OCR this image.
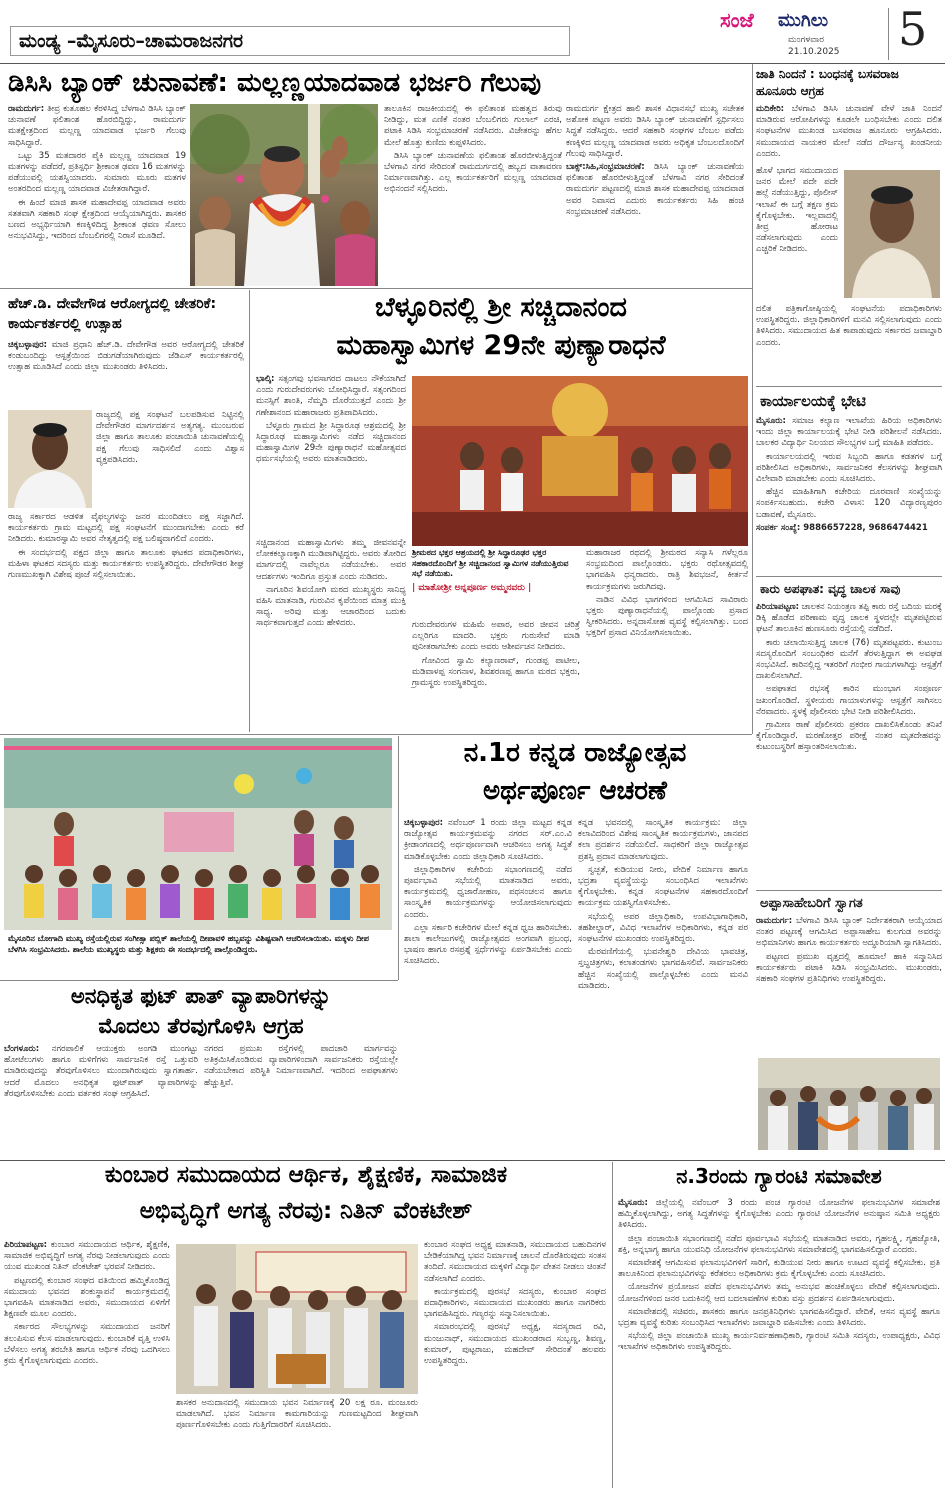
ಮಂಡ್ಯ –ಮೈಸೂರು–ಚಾಮರಾಜನಗರ
ಸಂಜೆ ಮುಗಿಲು
ಮಂಗಳವಾರ
21.10.2025 5
ಡಿಸಿಸಿ ಬ್ಯಾಂಕ್ ಚುನಾವಣೆ: ಮಲ್ಲಣ್ಣಯಾದವಾಡ ಭರ್ಜರಿ ಗೆಲುವು

ರಾಮದುರ್ಗ: ತೀವ್ರ ಕುತೂಹಲ ಕೆರಳಿಸಿದ್ದ ಬೆಳಗಾವಿ ಡಿಸಿಸಿ ಬ್ಯಾಂಕ್ ಚುನಾವಣೆ ಫಲಿತಾಂಶ ಹೊರಬಿದ್ದಿದ್ದು, ರಾಮದುರ್ಗ ಮತಕ್ಷೇತ್ರದಿಂದ ಮಲ್ಲಣ್ಣ ಯಾದವಾಡ ಭರ್ಜರಿ ಗೆಲುವು ಸಾಧಿಸಿದ್ದಾರೆ.

ಒಟ್ಟು 35 ಮತದಾರರ ಪೈಕಿ ಮಲ್ಲಣ್ಣ ಯಾದವಾಡ 19 ಮತಗಳನ್ನು ಪಡೆದರೆ, ಪ್ರತಿಸ್ಪರ್ಧಿ ಶ್ರೀಕಾಂತ ಢವಣ 16 ಮತಗಳನ್ನು ಪಡೆಯುವಲ್ಲಿ ಯಶಸ್ವಿಯಾದರು. ಸುಮಾರು ಮೂರು ಮತಗಳ ಅಂತರದಿಂದ ಮಲ್ಲಣ್ಣ ಯಾದವಾಡ ವಿಜೇತರಾಗಿದ್ದಾರೆ.

ಈ ಹಿಂದೆ ಮಾಜಿ ಶಾಸಕ ಮಹಾದೇವಪ್ಪ ಯಾದವಾಡ ಅವರು ಸತತವಾಗಿ ಸಹಕಾರಿ ಸಂಘ ಕ್ಷೇತ್ರದಿಂದ ಆಯ್ಕೆಯಾಗಿದ್ದರು. ಶಾಸಕರ ಬಣದ ಅಭ್ಯರ್ಥಿಯಾಗಿ ಕಣಕ್ಕಿಳಿದಿದ್ದ ಶ್ರೀಕಾಂತ ಢವಣ ಸೋಲು ಅನುಭವಿಸಿದ್ದು, ಇದರಿಂದ ಬೆಂಬಲಿಗರಲ್ಲಿ ನಿರಾಸೆ ಮೂಡಿದೆ.

ತಾಲೂಕಿನ ರಾಜಕೀಯದಲ್ಲಿ ಈ ಫಲಿತಾಂಶ ಮಹತ್ವದ ತಿರುವು ನೀಡಿದ್ದು, ಮತ ಎಣಿಕೆ ನಂತರ ಬೆಂಬಲಿಗರು ಗುಲಾಲ್ ಎರಚಿ, ಪಟಾಕಿ ಸಿಡಿಸಿ ಸಂಭ್ರಮಾಚರಣೆ ನಡೆಸಿದರು. ವಿಜೇತರನ್ನು ಹೆಗಲ ಮೇಲೆ ಹೊತ್ತು ಕುಣಿದು ಕುಪ್ಪಳಿಸಿದರು.

ಡಿಸಿಸಿ ಬ್ಯಾಂಕ್ ಚುನಾವಣೆಯ ಫಲಿತಾಂಶ ಹೊರಬೀಳುತ್ತಿದ್ದಂತೆ ಬೆಳಗಾವಿ ನಗರ ಸೇರಿದಂತೆ ರಾಮದುರ್ಗದಲ್ಲಿ ಹಬ್ಬದ ವಾತಾವರಣ ನಿರ್ಮಾಣವಾಗಿತ್ತು. ಎಲ್ಲ ಕಾರ್ಯಕರ್ತರಿಗೆ ಮಲ್ಲಣ್ಣ ಯಾದವಾಡ ಅಭಿನಂದನೆ ಸಲ್ಲಿಸಿದರು.

ರಾಮದುರ್ಗ ಕ್ಷೇತ್ರದ ಹಾಲಿ ಶಾಸಕ ವಿಧಾನಸಭೆ ಮುಖ್ಯ ಸಚೇತಕ ಅಶೋಕ ಪಟ್ಟಣ ಅವರು ಡಿಸಿಸಿ ಬ್ಯಾಂಕ್ ಚುನಾವಣೆಗೆ ಸ್ಪರ್ಧಿಸಲು ಸಿದ್ಧತೆ ನಡೆಸಿದ್ದರು. ಆದರೆ ಸಹಕಾರಿ ಸಂಘಗಳ ಬೆಂಬಲ ಪಡೆದು ಕಣಕ್ಕಿಳಿದ ಮಲ್ಲಣ್ಣ ಯಾದವಾಡ ಅವರು ಅಧಿಕೃತ ಬೆಂಬಲದೊಂದಿಗೆ ಗೆಲುವು ಸಾಧಿಸಿದ್ದಾರೆ.

ಬಾಕ್ಸ್:ಸಿಹಿ,ಸಂಭ್ರಮಾಚರಣೆ: ಡಿಸಿಸಿ ಬ್ಯಾಂಕ್ ಚುನಾವಣೆಯ ಫಲಿತಾಂಶ ಹೊರಬೀಳುತ್ತಿದ್ದಂತೆ ಬೆಳಗಾವಿ ನಗರ ಸೇರಿದಂತೆ ರಾಮದುರ್ಗ ಪಟ್ಟಣದಲ್ಲಿ ಮಾಜಿ ಶಾಸಕ ಮಹಾದೇವಪ್ಪ ಯಾದವಾಡ ಅವರ ನಿವಾಸದ ಎದುರು ಕಾರ್ಯಕರ್ತರು ಸಿಹಿ ಹಂಚಿ ಸಂಭ್ರಮಾಚರಣೆ ನಡೆಸಿದರು.

ಜಾತಿ ನಿಂದನೆ : ಬಂಧನಕ್ಕೆ ಬಸವರಾಜ ಹೂನೂರು ಆಗ್ರಹ

ಮದಿಕೇರಿ: ಬೆಳಗಾವಿ ಡಿಸಿಸಿ ಚುನಾವಣೆ ವೇಳೆ ಜಾತಿ ನಿಂದನೆ ಮಾಡಿರುವ ಆರೋಪಿಗಳನ್ನು ಕೂಡಲೇ ಬಂಧಿಸಬೇಕು ಎಂದು ದಲಿತ ಸಂಘಟನೆಗಳ ಮುಖಂಡ ಬಸವರಾಜ ಹೂನೂರು ಆಗ್ರಹಿಸಿದರು. ಸಮುದಾಯದ ನಾಯಕರ ಮೇಲೆ ನಡೆದ ದೌರ್ಜನ್ಯ ಖಂಡನೀಯ ಎಂದರು.

ಹೊಳೆ ಭಾಗದ ಸಮುದಾಯದ ಜನರ ಮೇಲೆ ಪದೇ ಪದೇ ಹಲ್ಲೆ ನಡೆಯುತ್ತಿದ್ದು, ಪೊಲೀಸ್ ಇಲಾಖೆ ಈ ಬಗ್ಗೆ ತಕ್ಷಣ ಕ್ರಮ ಕೈಗೊಳ್ಳಬೇಕು. ಇಲ್ಲವಾದಲ್ಲಿ ತೀವ್ರ ಹೋರಾಟ ನಡೆಸಲಾಗುವುದು ಎಂದು ಎಚ್ಚರಿಕೆ ನೀಡಿದರು.

ದಲಿತ ಪತ್ರಿಕಾಗೋಷ್ಠಿಯಲ್ಲಿ ಸಂಘಟನೆಯ ಪದಾಧಿಕಾರಿಗಳು ಉಪಸ್ಥಿತರಿದ್ದರು. ಜಿಲ್ಲಾಧಿಕಾರಿಗಳಿಗೆ ಮನವಿ ಸಲ್ಲಿಸಲಾಗುವುದು ಎಂದು ತಿಳಿಸಿದರು. ಸಮುದಾಯದ ಹಿತ ಕಾಪಾಡುವುದು ಸರ್ಕಾರದ ಜವಾಬ್ದಾರಿ ಎಂದರು.

ಹೆಚ್.ಡಿ. ದೇವೇಗೌಡ ಆರೋಗ್ಯದಲ್ಲಿ ಚೇತರಿಕೆ: ಕಾರ್ಯಕರ್ತರಲ್ಲಿ ಉತ್ಸಾಹ

ಚಿಕ್ಕಬಳ್ಳಾಪುರ: ಮಾಜಿ ಪ್ರಧಾನಿ ಹೆಚ್.ಡಿ. ದೇವೇಗೌಡ ಅವರ ಆರೋಗ್ಯದಲ್ಲಿ ಚೇತರಿಕೆ ಕಂಡುಬಂದಿದ್ದು ಆಸ್ಪತ್ರೆಯಿಂದ ಬಿಡುಗಡೆಯಾಗಿರುವುದು ಜೆಡಿಎಸ್ ಕಾರ್ಯಕರ್ತರಲ್ಲಿ ಉತ್ಸಾಹ ಮೂಡಿಸಿದೆ ಎಂದು ಜಿಲ್ಲಾ ಮುಖಂಡರು ತಿಳಿಸಿದರು.

ರಾಜ್ಯದಲ್ಲಿ ಪಕ್ಷ ಸಂಘಟನೆ ಬಲಪಡಿಸುವ ನಿಟ್ಟಿನಲ್ಲಿ ದೇವೇಗೌಡರ ಮಾರ್ಗದರ್ಶನ ಅತ್ಯಗತ್ಯ. ಮುಂಬರುವ ಜಿಲ್ಲಾ ಹಾಗೂ ತಾಲೂಕು ಪಂಚಾಯಿತಿ ಚುನಾವಣೆಯಲ್ಲಿ ಪಕ್ಷ ಗೆಲುವು ಸಾಧಿಸಲಿದೆ ಎಂದು ವಿಶ್ವಾಸ ವ್ಯಕ್ತಪಡಿಸಿದರು.

ರಾಜ್ಯ ಸರ್ಕಾರದ ಆಡಳಿತ ವೈಫಲ್ಯಗಳನ್ನು ಜನರ ಮುಂದಿಡಲು ಪಕ್ಷ ಸಜ್ಜಾಗಿದೆ. ಕಾರ್ಯಕರ್ತರು ಗ್ರಾಮ ಮಟ್ಟದಲ್ಲಿ ಪಕ್ಷ ಸಂಘಟನೆಗೆ ಮುಂದಾಗಬೇಕು ಎಂದು ಕರೆ ನೀಡಿದರು. ಕುಮಾರಸ್ವಾಮಿ ಅವರ ನೇತೃತ್ವದಲ್ಲಿ ಪಕ್ಷ ಬಲಿಷ್ಠವಾಗಲಿದೆ ಎಂದರು.

ಈ ಸಂದರ್ಭದಲ್ಲಿ ಪಕ್ಷದ ಜಿಲ್ಲಾ ಹಾಗೂ ತಾಲೂಕು ಘಟಕದ ಪದಾಧಿಕಾರಿಗಳು, ಮಹಿಳಾ ಘಟಕದ ಸದಸ್ಯರು ಮತ್ತು ಕಾರ್ಯಕರ್ತರು ಉಪಸ್ಥಿತರಿದ್ದರು. ದೇವೇಗೌಡರ ಶೀಘ್ರ ಗುಣಮುಖಕ್ಕಾಗಿ ವಿಶೇಷ ಪೂಜೆ ಸಲ್ಲಿಸಲಾಯಿತು.

ಬೆಳ್ಳೂರಿನಲ್ಲಿ ಶ್ರೀ ಸಚ್ಚಿದಾನಂದ
ಮಹಾಸ್ವಾಮಿಗಳ 29ನೇ ಪುಣ್ಯಾರಾಧನೆ

ಭಾಲ್ಕಿ: ಸತ್ಸಂಗವು ಭವಸಾಗರದ ದಾಟಲು ನೌಕೆಯಾಗಿದೆ ಎಂದು ಗುರುದೇವರುಗಳು ಬೋಧಿಸಿದ್ದಾರೆ. ಸತ್ಸಂಗದಿಂದ ಮನಸ್ಸಿಗೆ ಶಾಂತಿ, ನೆಮ್ಮದಿ ದೊರೆಯುತ್ತದೆ ಎಂದು ಶ್ರೀ ಗಣೇಶಾನಂದ ಮಹಾರಾಜರು ಪ್ರತಿಪಾದಿಸಿದರು.

ಬೆಳ್ಳೂರು ಗ್ರಾಮದ ಶ್ರೀ ಸಿದ್ಧಾರೂಢ ಆಶ್ರಮದಲ್ಲಿ ಶ್ರೀ ಸಿದ್ಧಾರೂಢ ಮಹಾಸ್ವಾಮಿಗಳು ನಡೆದ ಸಚ್ಚಿದಾನಂದ ಮಹಾಸ್ವಾಮಿಗಳ 29ನೇ ಪುಣ್ಯಾರಾಧನೆ ಮಹೋತ್ಸವದ ಧರ್ಮಸಭೆಯಲ್ಲಿ ಅವರು ಮಾತನಾಡಿದರು.

ಶ್ರೀಮಠದ ಭಕ್ತರ ಆಶ್ರಯದಲ್ಲಿ ಶ್ರೀ ಸಿದ್ಧಾರೂಢರ ಭಕ್ತರ ಸಹಕಾರದೊಂದಿಗೆ ಶ್ರೀ ಸಚ್ಚಿದಾನಂದ ಸ್ವಾಮಿಗಳ ನಡೆಯುತ್ತಿರುವ ಸಭೆ ನಡೆಯಿತು.
| ಮಾತೋಶ್ರೀ ಅನ್ನಪೂರ್ಣ ಅಮ್ಮನವರು |

ಸಚ್ಚಿದಾನಂದ ಮಹಾಸ್ವಾಮಿಗಳು ತಮ್ಮ ಜೀವನವನ್ನೇ ಲೋಕಕಲ್ಯಾಣಕ್ಕಾಗಿ ಮುಡಿಪಾಗಿಟ್ಟಿದ್ದರು. ಅವರು ತೋರಿದ ಮಾರ್ಗದಲ್ಲಿ ನಾವೆಲ್ಲರೂ ನಡೆಯಬೇಕು. ಅವರ ಆದರ್ಶಗಳು ಇಂದಿಗೂ ಪ್ರಸ್ತುತ ಎಂದು ನುಡಿದರು.

ನಾಗೂರಿನ ಶಿವಯೋಗಿ ಮಠದ ಮುಖ್ಯಸ್ಥರು ಸಾನಿಧ್ಯ ವಹಿಸಿ ಮಾತನಾಡಿ, ಗುರುವಿನ ಕೃಪೆಯಿಂದ ಮಾತ್ರ ಮುಕ್ತಿ ಸಾಧ್ಯ. ಅರಿವು ಮತ್ತು ಆಚಾರದಿಂದ ಬದುಕು ಸಾರ್ಥಕವಾಗುತ್ತದೆ ಎಂದು ಹೇಳಿದರು.	ಗುರುದೇವರುಗಳ ಮಹಿಮೆ ಅಪಾರ, ಅವರ ಜೀವನ ಚರಿತ್ರೆ ಎಲ್ಲರಿಗೂ ಮಾದರಿ. ಭಕ್ತರು ಗುರುಸೇವೆ ಮಾಡಿ ಪುನೀತರಾಗಬೇಕು ಎಂದು ಅವರು ಆಶೀರ್ವಚನ ನೀಡಿದರು.

ಗೋವಿಂದ ಸ್ವಾಮಿ ಕಲ್ಯಾಣರಾವ್, ಗುಂಡಪ್ಪ ಪಾಟೀಲ, ಮಡಿವಾಳಪ್ಪ ಸಂಗನಾಳ, ಶಿವಶರಣಪ್ಪ ಹಾಗೂ ಮಠದ ಭಕ್ತರು, ಗ್ರಾಮಸ್ಥರು ಉಪಸ್ಥಿತರಿದ್ದರು.

ಮಹಾರಾಜರ ರಥದಲ್ಲಿ ಶ್ರೀಮಠದ ಸನ್ಯಾಸಿ ಗಳೆಲ್ಲರೂ ಸಂಭ್ರಮದಿಂದ ಪಾಲ್ಗೊಂಡರು. ಭಕ್ತರು ರಥೋತ್ಸವದಲ್ಲಿ ಭಾಗವಹಿಸಿ ಧನ್ಯರಾದರು. ರಾತ್ರಿ ಶಿವಭಜನೆ, ಕೀರ್ತನೆ ಕಾರ್ಯಕ್ರಮಗಳು ಜರುಗಿದವು.

ನಾಡಿನ ವಿವಿಧ ಭಾಗಗಳಿಂದ ಆಗಮಿಸಿದ ಸಾವಿರಾರು ಭಕ್ತರು ಪುಣ್ಯಾರಾಧನೆಯಲ್ಲಿ ಪಾಲ್ಗೊಂಡು ಪ್ರಸಾದ ಸ್ವೀಕರಿಸಿದರು. ಅನ್ನದಾಸೋಹ ವ್ಯವಸ್ಥೆ ಕಲ್ಪಿಸಲಾಗಿತ್ತು. ಬಂದ ಭಕ್ತರಿಗೆ ಪ್ರಸಾದ ವಿನಿಯೋಗಿಸಲಾಯಿತು.

ಕಾರ್ಯಾಲಯಕ್ಕೆ ಭೇಟಿ

ಮೈಸೂರು: ಸಮಾಜ ಕಲ್ಯಾಣ ಇಲಾಖೆಯ ಹಿರಿಯ ಅಧಿಕಾರಿಗಳು ಇಂದು ಜಿಲ್ಲಾ ಕಾರ್ಯಾಲಯಕ್ಕೆ ಭೇಟಿ ನೀಡಿ ಪರಿಶೀಲನೆ ನಡೆಸಿದರು. ಬಾಲಕರ ವಿದ್ಯಾರ್ಥಿ ನಿಲಯದ ಸೌಲಭ್ಯಗಳ ಬಗ್ಗೆ ಮಾಹಿತಿ ಪಡೆದರು.

ಕಾರ್ಯಾಲಯದಲ್ಲಿ ಇರುವ ಸಿಬ್ಬಂದಿ ಹಾಗೂ ಕಡತಗಳ ಬಗ್ಗೆ ಪರಿಶೀಲಿಸಿದ ಅಧಿಕಾರಿಗಳು, ಸಾರ್ವಜನಿಕರ ಕೆಲಸಗಳನ್ನು ಶೀಘ್ರವಾಗಿ ವಿಲೇವಾರಿ ಮಾಡಬೇಕು ಎಂದು ಸೂಚಿಸಿದರು.

ಹೆಚ್ಚಿನ ಮಾಹಿತಿಗಾಗಿ ಕಚೇರಿಯ ದೂರವಾಣಿ ಸಂಖ್ಯೆಯನ್ನು ಸಂಪರ್ಕಿಸಬಹುದು. ಕಚೇರಿ ವಿಳಾಸ: 120 ವಿದ್ಯಾರಣ್ಯಪುರಂ ಬಡಾವಣೆ, ಮೈಸೂರು.

ಸಂಪರ್ಕ ಸಂಖ್ಯೆ: 9886657228, 9686474421

ಕಾರು ಅಪಘಾತ: ವೃದ್ಧ ಚಾಲಕ ಸಾವು

ಪಿರಿಯಾಪಟ್ಟಣ: ಚಾಲಕನ ನಿಯಂತ್ರಣ ತಪ್ಪಿ ಕಾರು ರಸ್ತೆ ಬದಿಯ ಮರಕ್ಕೆ ಡಿಕ್ಕಿ ಹೊಡೆದ ಪರಿಣಾಮ ವೃದ್ಧ ಚಾಲಕ ಸ್ಥಳದಲ್ಲೇ ಮೃತಪಟ್ಟಿರುವ ಘಟನೆ ತಾಲೂಕಿನ ಹುಣಸೂರು ರಸ್ತೆಯಲ್ಲಿ ನಡೆದಿದೆ.

ಕಾರು ಚಲಾಯಿಸುತ್ತಿದ್ದ ಚಾಲಕ (76) ಮೃತಪಟ್ಟವರು. ಕುಟುಂಬ ಸದಸ್ಯರೊಂದಿಗೆ ಸಂಬಂಧಿಕರ ಮನೆಗೆ ತೆರಳುತ್ತಿದ್ದಾಗ ಈ ಅವಘಡ ಸಂಭವಿಸಿದೆ. ಕಾರಿನಲ್ಲಿದ್ದ ಇತರರಿಗೆ ಗಂಭೀರ ಗಾಯಗಳಾಗಿದ್ದು ಆಸ್ಪತ್ರೆಗೆ ದಾಖಲಿಸಲಾಗಿದೆ.

ಅಪಘಾತದ ರಭಸಕ್ಕೆ ಕಾರಿನ ಮುಂಭಾಗ ಸಂಪೂರ್ಣ ಜಖಂಗೊಂಡಿದೆ. ಸ್ಥಳೀಯರು ಗಾಯಾಳುಗಳನ್ನು ಆಸ್ಪತ್ರೆಗೆ ಸಾಗಿಸಲು ನೆರವಾದರು. ಸ್ಥಳಕ್ಕೆ ಪೊಲೀಸರು ಭೇಟಿ ನೀಡಿ ಪರಿಶೀಲಿಸಿದರು.

ಗ್ರಾಮೀಣ ಠಾಣೆ ಪೊಲೀಸರು ಪ್ರಕರಣ ದಾಖಲಿಸಿಕೊಂಡು ತನಿಖೆ ಕೈಗೊಂಡಿದ್ದಾರೆ. ಮರಣೋತ್ತರ ಪರೀಕ್ಷೆ ನಂತರ ಮೃತದೇಹವನ್ನು ಕುಟುಂಬಸ್ಥರಿಗೆ ಹಸ್ತಾಂತರಿಸಲಾಯಿತು.

ಮೈಸೂರಿನ ಬೋಗಾದಿ ಮುಖ್ಯ ರಸ್ತೆಯಲ್ಲಿರುವ ಸಂಗೀತ್ಸಾ ಪಬ್ಲಿಕ್ ಶಾಲೆಯಲ್ಲಿ ದೀಪಾವಳಿ ಹಬ್ಬವನ್ನು ವಿಶಿಷ್ಟವಾಗಿ ಆಚರಿಸಲಾಯಿತು. ಮಕ್ಕಳು ದೀಪ ಬೆಳಗಿಸಿ ಸಂಭ್ರಮಿಸಿದರು. ಶಾಲೆಯ ಮುಖ್ಯಸ್ಥರು ಮತ್ತು ಶಿಕ್ಷಕರು ಈ ಸಂದರ್ಭದಲ್ಲಿ ಪಾಲ್ಗೊಂಡಿದ್ದರು.
ನ.1ರ ಕನ್ನಡ ರಾಜ್ಯೋತ್ಸವ
ಅರ್ಥಪೂರ್ಣ ಆಚರಣೆ

ಚಿಕ್ಕಬಳ್ಳಾಪುರ: ನವೆಂಬರ್ 1 ರಂದು ಜಿಲ್ಲಾ ಮಟ್ಟದ ಕನ್ನಡ ರಾಜ್ಯೋತ್ಸವ ಕಾರ್ಯಕ್ರಮವನ್ನು ನಗರದ ಸರ್.ಎಂ.ವಿ ಕ್ರೀಡಾಂಗಣದಲ್ಲಿ ಅರ್ಥಪೂರ್ಣವಾಗಿ ಆಚರಿಸಲು ಅಗತ್ಯ ಸಿದ್ಧತೆ ಮಾಡಿಕೊಳ್ಳಬೇಕು ಎಂದು ಜಿಲ್ಲಾಧಿಕಾರಿ ಸೂಚಿಸಿದರು.

ಜಿಲ್ಲಾಧಿಕಾರಿಗಳ ಕಚೇರಿಯ ಸಭಾಂಗಣದಲ್ಲಿ ನಡೆದ ಪೂರ್ವಭಾವಿ ಸಭೆಯಲ್ಲಿ ಮಾತನಾಡಿದ ಅವರು, ಕಾರ್ಯಕ್ರಮದಲ್ಲಿ ಧ್ವಜಾರೋಹಣ, ಪಥಸಂಚಲನ ಹಾಗೂ ಸಾಂಸ್ಕೃತಿಕ ಕಾರ್ಯಕ್ರಮಗಳನ್ನು ಆಯೋಜಿಸಲಾಗುವುದು ಎಂದರು.

ಎಲ್ಲಾ ಸರ್ಕಾರಿ ಕಚೇರಿಗಳ ಮೇಲೆ ಕನ್ನಡ ಧ್ವಜ ಹಾರಿಸಬೇಕು. ಶಾಲಾ ಕಾಲೇಜುಗಳಲ್ಲಿ ರಾಜ್ಯೋತ್ಸವದ ಅಂಗವಾಗಿ ಪ್ರಬಂಧ, ಭಾಷಣ ಹಾಗೂ ರಸಪ್ರಶ್ನೆ ಸ್ಪರ್ಧೆಗಳನ್ನು ಏರ್ಪಡಿಸಬೇಕು ಎಂದು ಸೂಚಿಸಿದರು.

ಕನ್ನಡ ಭವನದಲ್ಲಿ ಸಾಂಸ್ಕೃತಿಕ ಕಾರ್ಯಕ್ರಮ: ಜಿಲ್ಲಾ ಕಲಾವಿದರಿಂದ ವಿಶೇಷ ಸಾಂಸ್ಕೃತಿಕ ಕಾರ್ಯಕ್ರಮಗಳು, ಜಾನಪದ ಕಲಾ ಪ್ರದರ್ಶನ ನಡೆಯಲಿದೆ. ಸಾಧಕರಿಗೆ ಜಿಲ್ಲಾ ರಾಜ್ಯೋತ್ಸವ ಪ್ರಶಸ್ತಿ ಪ್ರದಾನ ಮಾಡಲಾಗುವುದು.

ಸ್ವಚ್ಛತೆ, ಕುಡಿಯುವ ನೀರು, ವೇದಿಕೆ ನಿರ್ಮಾಣ ಹಾಗೂ ಭದ್ರತಾ ವ್ಯವಸ್ಥೆಯನ್ನು ಸಂಬಂಧಿಸಿದ ಇಲಾಖೆಗಳು ಕೈಗೊಳ್ಳಬೇಕು. ಕನ್ನಡ ಸಂಘಟನೆಗಳ ಸಹಕಾರದೊಂದಿಗೆ ಕಾರ್ಯಕ್ರಮ ಯಶಸ್ವಿಗೊಳಿಸಬೇಕು.

ಸಭೆಯಲ್ಲಿ ಅಪರ ಜಿಲ್ಲಾಧಿಕಾರಿ, ಉಪವಿಭಾಗಾಧಿಕಾರಿ, ತಹಶೀಲ್ದಾರ್, ವಿವಿಧ ಇಲಾಖೆಗಳ ಅಧಿಕಾರಿಗಳು, ಕನ್ನಡ ಪರ ಸಂಘಟನೆಗಳ ಮುಖಂಡರು ಉಪಸ್ಥಿತರಿದ್ದರು.

ಮೆರವಣಿಗೆಯಲ್ಲಿ ಭುವನೇಶ್ವರಿ ದೇವಿಯ ಭಾವಚಿತ್ರ, ಸ್ತಬ್ಧಚಿತ್ರಗಳು, ಕಲಾತಂಡಗಳು ಭಾಗವಹಿಸಲಿವೆ. ಸಾರ್ವಜನಿಕರು ಹೆಚ್ಚಿನ ಸಂಖ್ಯೆಯಲ್ಲಿ ಪಾಲ್ಗೊಳ್ಳಬೇಕು ಎಂದು ಮನವಿ ಮಾಡಿದರು.

ಅಪ್ಪಾಸಾಹೇಬರಿಗೆ ಸ್ವಾಗತ

ರಾಮದುರ್ಗ: ಬೆಳಗಾವಿ ಡಿಸಿಸಿ ಬ್ಯಾಂಕ್ ನಿರ್ದೇಶಕರಾಗಿ ಆಯ್ಕೆಯಾದ ನಂತರ ಪಟ್ಟಣಕ್ಕೆ ಆಗಮಿಸಿದ ಅಪ್ಪಾಸಾಹೇಬ ಕುಲಗುಡ ಅವರನ್ನು ಅಭಿಮಾನಿಗಳು ಹಾಗೂ ಕಾರ್ಯಕರ್ತರು ಅದ್ಧೂರಿಯಾಗಿ ಸ್ವಾಗತಿಸಿದರು.

ಪಟ್ಟಣದ ಪ್ರಮುಖ ವೃತ್ತದಲ್ಲಿ ಹೂಮಾಲೆ ಹಾಕಿ ಸನ್ಮಾನಿಸಿದ ಕಾರ್ಯಕರ್ತರು ಪಟಾಕಿ ಸಿಡಿಸಿ ಸಂಭ್ರಮಿಸಿದರು. ಮುಖಂಡರು, ಸಹಕಾರಿ ಸಂಘಗಳ ಪ್ರತಿನಿಧಿಗಳು ಉಪಸ್ಥಿತರಿದ್ದರು.

ಅನಧಿಕೃತ ಫುಟ್ ಪಾತ್ ವ್ಯಾಪಾರಿಗಳನ್ನು
ಮೊದಲು ತೆರವುಗೊಳಿಸಿ ಆಗ್ರಹ

ಬೆಂಗಳೂರು: ನಗರಪಾಲಿಕೆ ಆಯುಕ್ತರು ಅಂಗಡಿ ಮುಂಗಟ್ಟು ಹೋಟೆಲುಗಳು ಹಾಗೂ ಮಳಿಗೆಗಳು ಸಾರ್ವಜನಿಕ ರಸ್ತೆ ಒತ್ತುವರಿ ಮಾಡಿರುವುದನ್ನು ತೆರವುಗೊಳಿಸಲು ಮುಂದಾಗಿರುವುದು ಸ್ವಾಗತಾರ್ಹ. ಆದರೆ ಮೊದಲು ಅನಧಿಕೃತ ಫುಟ್‌ಪಾತ್ ವ್ಯಾಪಾರಿಗಳನ್ನು ತೆರವುಗೊಳಿಸಬೇಕು ಎಂದು ವರ್ತಕರ ಸಂಘ ಆಗ್ರಹಿಸಿದೆ.

ನಗರದ ಪ್ರಮುಖ ರಸ್ತೆಗಳಲ್ಲಿ ಪಾದಚಾರಿ ಮಾರ್ಗವನ್ನು ಅತಿಕ್ರಮಿಸಿಕೊಂಡಿರುವ ವ್ಯಾಪಾರಿಗಳಿಂದಾಗಿ ಸಾರ್ವಜನಿಕರು ರಸ್ತೆಯಲ್ಲೇ ನಡೆಯಬೇಕಾದ ಪರಿಸ್ಥಿತಿ ನಿರ್ಮಾಣವಾಗಿದೆ. ಇದರಿಂದ ಅಪಘಾತಗಳು ಹೆಚ್ಚುತ್ತಿವೆ.

ಕುಂಬಾರ ಸಮುದಾಯದ ಆರ್ಥಿಕ, ಶೈಕ್ಷಣಿಕ, ಸಾಮಾಜಿಕ
ಅಭಿವೃದ್ಧಿಗೆ ಅಗತ್ಯ ನೆರವು: ನಿತಿನ್ ವೆಂಕಟೇಶ್

ಪಿರಿಯಾಪಟ್ಟಣ: ಕುಂಬಾರ ಸಮುದಾಯದ ಆರ್ಥಿಕ, ಶೈಕ್ಷಣಿಕ, ಸಾಮಾಜಿಕ ಅಭಿವೃದ್ಧಿಗೆ ಅಗತ್ಯ ನೆರವು ನೀಡಲಾಗುವುದು ಎಂದು ಯುವ ಮುಖಂಡ ನಿತಿನ್ ವೆಂಕಟೇಶ್ ಭರವಸೆ ನೀಡಿದರು.

ಪಟ್ಟಣದಲ್ಲಿ ಕುಂಬಾರ ಸಂಘದ ವತಿಯಿಂದ ಹಮ್ಮಿಕೊಂಡಿದ್ದ ಸಮುದಾಯ ಭವನದ ಶಂಕುಸ್ಥಾಪನೆ ಕಾರ್ಯಕ್ರಮದಲ್ಲಿ ಭಾಗವಹಿಸಿ ಮಾತನಾಡಿದ ಅವರು, ಸಮುದಾಯದ ಏಳಿಗೆಗೆ ಶಿಕ್ಷಣವೇ ಮೂಲ ಎಂದರು.

ಸರ್ಕಾರದ ಸೌಲಭ್ಯಗಳನ್ನು ಸಮುದಾಯದ ಜನರಿಗೆ ತಲುಪಿಸುವ ಕೆಲಸ ಮಾಡಲಾಗುವುದು. ಕುಂಬಾರಿಕೆ ವೃತ್ತಿ ಉಳಿಸಿ ಬೆಳೆಸಲು ಅಗತ್ಯ ತರಬೇತಿ ಹಾಗೂ ಆರ್ಥಿಕ ನೆರವು ಒದಗಿಸಲು ಕ್ರಮ ಕೈಗೊಳ್ಳಲಾಗುವುದು ಎಂದರು.

ಶಾಸಕರ ಅನುದಾನದಲ್ಲಿ ಸಮುದಾಯ ಭವನ ನಿರ್ಮಾಣಕ್ಕೆ 20 ಲಕ್ಷ ರೂ. ಮಂಜೂರು ಮಾಡಲಾಗಿದೆ. ಭವನ ನಿರ್ಮಾಣ ಕಾಮಗಾರಿಯನ್ನು ಗುಣಮಟ್ಟದಿಂದ ಶೀಘ್ರವಾಗಿ ಪೂರ್ಣಗೊಳಿಸಬೇಕು ಎಂದು ಗುತ್ತಿಗೆದಾರರಿಗೆ ಸೂಚಿಸಿದರು.

ಕುಂಬಾರ ಸಂಘದ ಅಧ್ಯಕ್ಷ ಮಾತನಾಡಿ, ಸಮುದಾಯದ ಬಹುದಿನಗಳ ಬೇಡಿಕೆಯಾಗಿದ್ದ ಭವನ ನಿರ್ಮಾಣಕ್ಕೆ ಚಾಲನೆ ದೊರೆತಿರುವುದು ಸಂತಸ ತಂದಿದೆ. ಸಮುದಾಯದ ಮಕ್ಕಳಿಗೆ ವಿದ್ಯಾರ್ಥಿ ವೇತನ ನೀಡಲು ಚಿಂತನೆ ನಡೆಸಲಾಗಿದೆ ಎಂದರು.

ಕಾರ್ಯಕ್ರಮದಲ್ಲಿ ಪುರಸಭೆ ಸದಸ್ಯರು, ಕುಂಬಾರ ಸಂಘದ ಪದಾಧಿಕಾರಿಗಳು, ಸಮುದಾಯದ ಮುಖಂಡರು ಹಾಗೂ ನಾಗರಿಕರು ಭಾಗವಹಿಸಿದ್ದರು. ಗಣ್ಯರನ್ನು ಸನ್ಮಾನಿಸಲಾಯಿತು.

ಸಮಾರಂಭದಲ್ಲಿ ಪುರಸಭೆ ಅಧ್ಯಕ್ಷ, ಸದಸ್ಯರಾದ ರವಿ, ಮಂಜುನಾಥ್, ಸಮುದಾಯದ ಮುಖಂಡರಾದ ಸುಬ್ಬಣ್ಣ, ಶಿವಣ್ಣ, ಕುಮಾರ್, ಪುಟ್ಟರಾಜು, ಮಹದೇವ್ ಸೇರಿದಂತೆ ಹಲವರು ಉಪಸ್ಥಿತರಿದ್ದರು.

ನ.3ರಂದು ಗ್ಯಾರಂಟಿ ಸಮಾವೇಶ

ಮೈಸೂರು: ಜಿಲ್ಲೆಯಲ್ಲಿ ನವೆಂಬರ್ 3 ರಂದು ಪಂಚ ಗ್ಯಾರಂಟಿ ಯೋಜನೆಗಳ ಫಲಾನುಭವಿಗಳ ಸಮಾವೇಶ ಹಮ್ಮಿಕೊಳ್ಳಲಾಗಿದ್ದು, ಅಗತ್ಯ ಸಿದ್ಧತೆಗಳನ್ನು ಕೈಗೊಳ್ಳಬೇಕು ಎಂದು ಗ್ಯಾರಂಟಿ ಯೋಜನೆಗಳ ಅನುಷ್ಠಾನ ಸಮಿತಿ ಅಧ್ಯಕ್ಷರು ತಿಳಿಸಿದರು.

ಜಿಲ್ಲಾ ಪಂಚಾಯಿತಿ ಸಭಾಂಗಣದಲ್ಲಿ ನಡೆದ ಪೂರ್ವಭಾವಿ ಸಭೆಯಲ್ಲಿ ಮಾತನಾಡಿದ ಅವರು, ಗೃಹಲಕ್ಷ್ಮಿ, ಗೃಹಜ್ಯೋತಿ, ಶಕ್ತಿ, ಅನ್ನಭಾಗ್ಯ ಹಾಗೂ ಯುವನಿಧಿ ಯೋಜನೆಗಳ ಫಲಾನುಭವಿಗಳು ಸಮಾವೇಶದಲ್ಲಿ ಭಾಗವಹಿಸಲಿದ್ದಾರೆ ಎಂದರು.

ಸಮಾವೇಶಕ್ಕೆ ಆಗಮಿಸುವ ಫಲಾನುಭವಿಗಳಿಗೆ ಸಾರಿಗೆ, ಕುಡಿಯುವ ನೀರು ಹಾಗೂ ಊಟದ ವ್ಯವಸ್ಥೆ ಕಲ್ಪಿಸಬೇಕು. ಪ್ರತಿ ತಾಲೂಕಿನಿಂದ ಫಲಾನುಭವಿಗಳನ್ನು ಕರೆತರಲು ಅಧಿಕಾರಿಗಳು ಕ್ರಮ ಕೈಗೊಳ್ಳಬೇಕು ಎಂದು ಸೂಚಿಸಿದರು.

ಯೋಜನೆಗಳ ಪ್ರಯೋಜನ ಪಡೆದ ಫಲಾನುಭವಿಗಳು ತಮ್ಮ ಅನುಭವ ಹಂಚಿಕೊಳ್ಳಲು ವೇದಿಕೆ ಕಲ್ಪಿಸಲಾಗುವುದು. ಯೋಜನೆಗಳಿಂದ ಜನರ ಬದುಕಿನಲ್ಲಿ ಆದ ಬದಲಾವಣೆಗಳ ಕುರಿತು ವಸ್ತು ಪ್ರದರ್ಶನ ಏರ್ಪಡಿಸಲಾಗುವುದು.

ಸಮಾವೇಶದಲ್ಲಿ ಸಚಿವರು, ಶಾಸಕರು ಹಾಗೂ ಜನಪ್ರತಿನಿಧಿಗಳು ಭಾಗವಹಿಸಲಿದ್ದಾರೆ. ವೇದಿಕೆ, ಆಸನ ವ್ಯವಸ್ಥೆ ಹಾಗೂ ಭದ್ರತಾ ವ್ಯವಸ್ಥೆ ಕುರಿತು ಸಂಬಂಧಿಸಿದ ಇಲಾಖೆಗಳು ಜವಾಬ್ದಾರಿ ವಹಿಸಬೇಕು ಎಂದು ತಿಳಿಸಿದರು.

ಸಭೆಯಲ್ಲಿ ಜಿಲ್ಲಾ ಪಂಚಾಯಿತಿ ಮುಖ್ಯ ಕಾರ್ಯನಿರ್ವಹಣಾಧಿಕಾರಿ, ಗ್ಯಾರಂಟಿ ಸಮಿತಿ ಸದಸ್ಯರು, ಉಪಾಧ್ಯಕ್ಷರು, ವಿವಿಧ ಇಲಾಖೆಗಳ ಅಧಿಕಾರಿಗಳು ಉಪಸ್ಥಿತರಿದ್ದರು.
